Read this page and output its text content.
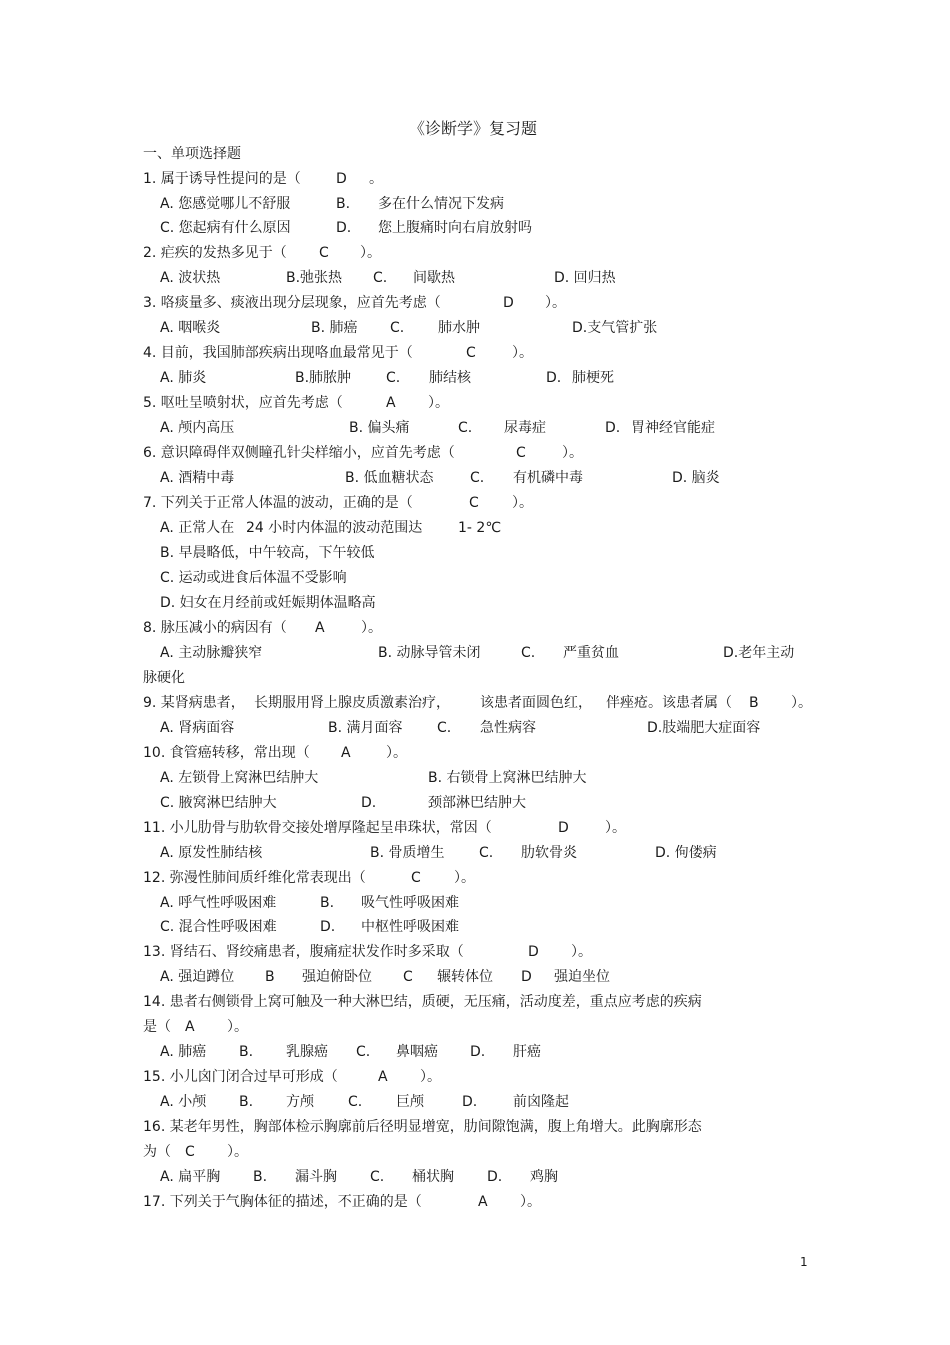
《诊断学》复习题
一、单项选择题
1. 属于诱导性提问的是（	D 。
A. 您感觉哪儿不舒服	B. 多在什么情况下发病
C. 您起病有什么原因	D. 您上腹痛时向右肩放射吗
2. 疟疾的发热多见于（ C ）。
A. 波状热	B.弛张热 C. 间歇热	D. 回归热
3. 咯痰量多、痰液出现分层现象，应首先考虑（	D ）。
A. 咽喉炎	B. 肺癌 C. 肺水肿	D.支气管扩张
4. 目前，我国肺部疾病出现咯血最常见于（	C	）。
A. 肺炎	B.肺脓肿 C. 肺结核	D. 肺梗死
5. 呕吐呈喷射状，应首先考虑（	A ）。
A. 颅内高压	B. 偏头痛	C. 尿毒症	D. 胃神经官能症
6. 意识障碍伴双侧瞳孔针尖样缩小，应首先考虑（	C	）。
A. 酒精中毒	B. 低血糖状态	C. 有机磷中毒	D. 脑炎
7. 下列关于正常人体温的波动，正确的是（	C ）。
A. 正常人在 24 小时内体温的波动范围达	1- 2℃
B. 早晨略低，中午较高，下午较低
C. 运动或进食后体温不受影响
D. 妇女在月经前或妊娠期体温略高
8. 脉压减小的病因有（ A	）。
A. 主动脉瓣狭窄	B. 动脉导管未闭	C. 严重贫血	D.老年主动
脉硬化
9. 某肾病患者， 长期服用肾上腺皮质激素治疗， 该患者面圆色红， 伴痤疮。该患者属（ B ）。
A. 肾病面容	B. 满月面容 C. 急性病容	D.肢端肥大症面容
10. 食管癌转移，常出现（ A	）。
A. 左锁骨上窝淋巴结肿大	B. 右锁骨上窝淋巴结肿大
C. 腋窝淋巴结肿大	D.	颈部淋巴结肿大
11. 小儿肋骨与肋软骨交接处增厚隆起呈串珠状，常因（	D	）。
A. 原发性肺结核	B. 骨质增生 C. 肋软骨炎	D. 佝偻病
12. 弥漫性肺间质纤维化常表现出（	C ）。
A. 呼气性呼吸困难	B. 吸气性呼吸困难
C. 混合性呼吸困难	D. 中枢性呼吸困难
13. 肾结石、肾绞痛患者，腹痛症状发作时多采取（	D ）。
A. 强迫蹲位 B 强迫俯卧位 C 辗转体位 D 强迫坐位
14. 患者右侧锁骨上窝可触及一种大淋巴结，质硬，无压痛，活动度差，重点应考虑的疾病
是（ A ）。
A. 肺癌 B. 乳腺癌 C. 鼻咽癌 D. 肝癌
15. 小儿囟门闭合过早可形成（	A ）。
A. 小颅 B. 方颅 C. 巨颅	D.	前囟隆起
16. 某老年男性，胸部体检示胸廓前后径明显增宽，肋间隙饱满，腹上角增大。此胸廓形态
为（ C ）。
A. 扁平胸 B. 漏斗胸 C. 桶状胸 D. 鸡胸
17. 下列关于气胸体征的描述，不正确的是（	A ）。
1
